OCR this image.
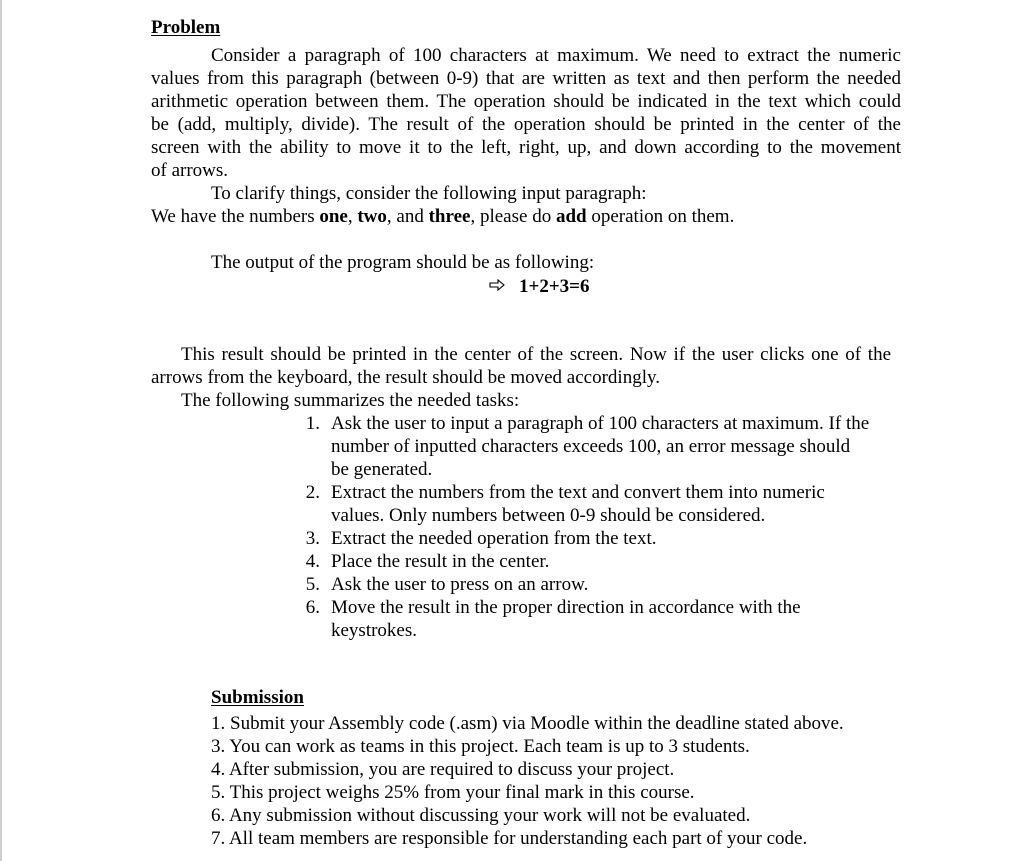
Problem
Consider a paragraph of 100 characters at maximum. We need to extract the numeric
values from this paragraph (between 0-9) that are written as text and then perform the needed
arithmetic operation between them. The operation should be indicated in the text which could
be (add, multiply, divide). The result of the operation should be printed in the center of the
screen with the ability to move it to the left, right, up, and down according to the movement
of arrows.
To clarify things, consider the following input paragraph:
We have the numbers one, two, and three, please do add operation on them.
The output of the program should be as following:
1+2+3=6
This result should be printed in the center of the screen. Now if the user clicks one of the
arrows from the keyboard, the result should be moved accordingly.
The following summarizes the needed tasks:
1. Ask the user to input a paragraph of 100 characters at maximum. If the
number of inputted characters exceeds 100, an error message should
be generated.
2. Extract the numbers from the text and convert them into numeric
values. Only numbers between 0-9 should be considered.
3. Extract the needed operation from the text.
4. Place the result in the center.
5. Ask the user to press on an arrow.
6. Move the result in the proper direction in accordance with the
keystrokes.
Submission
1. Submit your Assembly code (.asm) via Moodle within the deadline stated above.
3. You can work as teams in this project. Each team is up to 3 students.
4. After submission, you are required to discuss your project.
5. This project weighs 25% from your final mark in this course.
6. Any submission without discussing your work will not be evaluated.
7. All team members are responsible for understanding each part of your code.
